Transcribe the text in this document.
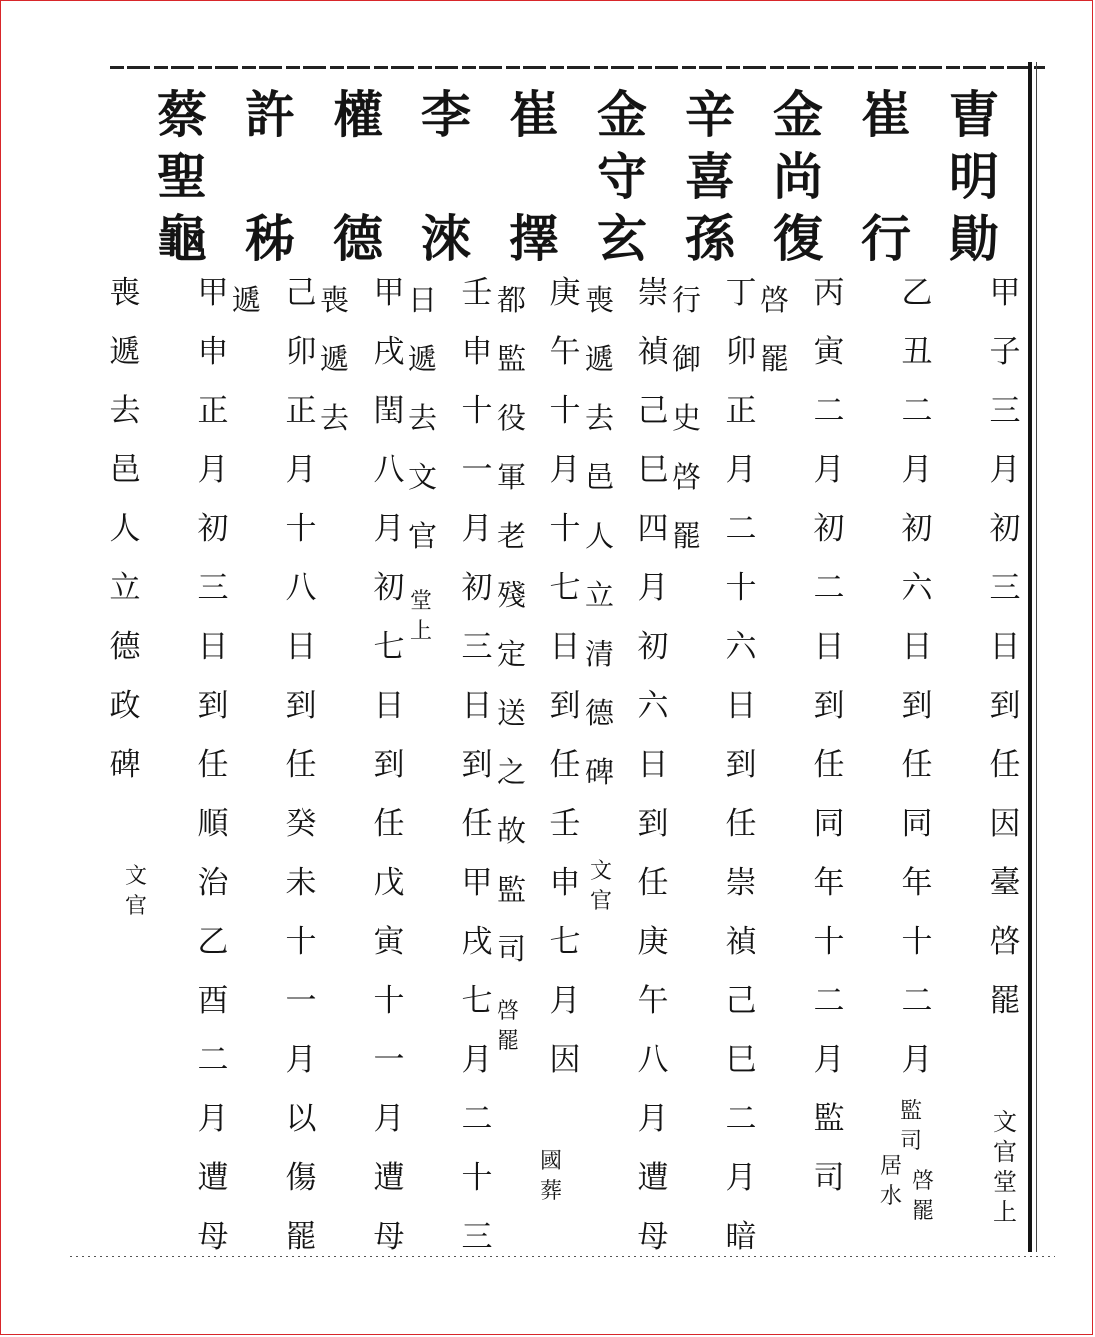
曺
明
勛
崔
行
金
尚
復
辛
喜
孫
金
守
玄
崔
擇
李
淶
權
德
許
秭
蔡
聖
龜
甲
子
三
月
初
三
日
到
任
因
臺
啓
罷
文
官
堂
上
乙
丑
二
月
初
六
日
到
任
同
年
十
二
月
丙
寅
二
月
初
二
日
到
任
同
年
十
二
月
監
司
丁
卯
正
月
二
十
六
日
到
任
崇
禎
己
巳
二
月
暗
崇
禎
己
巳
四
月
初
六
日
到
任
庚
午
八
月
遭
母
庚
午
十
月
十
七
日
到
任
壬
申
七
月
因
壬
申
十
一
月
初
三
日
到
任
甲
戌
七
月
二
十
三
甲
戌
閏
八
月
初
七
日
到
任
戊
寅
十
一
月
遭
母
己
卯
正
月
十
八
日
到
任
癸
未
十
一
月
以
傷
罷
甲
申
正
月
初
三
日
到
任
順
治
乙
酉
二
月
遭
母
喪
遞
去
邑
人
立
德
政
碑
監
司
居
水
啓
罷
啓
罷
行
御
史
啓
罷
喪
遞
去
邑
人
立
清
德
碑
文
官
都
監
役
軍
老
殘
定
送
之
故
監
司
啓
罷
國
葬
日
遞
去
文
官
堂
上
喪
遞
去
遞
文
官
